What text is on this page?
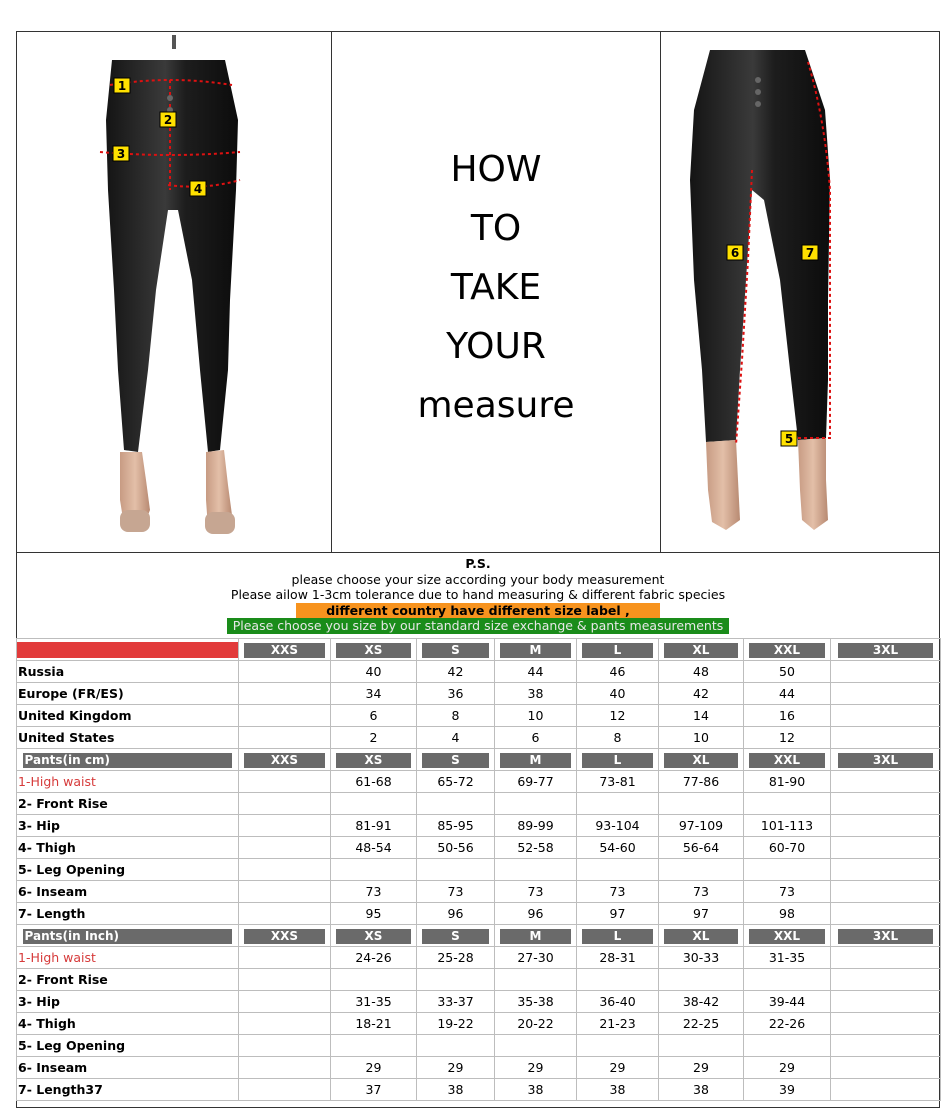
1
2
3
4	HOW
TO
TAKE
YOUR
measure
6	7
5
P.S.
please choose your size according your body measurement
Please ailow 1-3cm tolerance due to hand measuring & different fabric species
different country have different size label ,
Please choose you size by our standard size exchange & pants measurements
	XXS	XS	S	M	L	XL	XXL	3XL
Russia		40	42	44	46	48	50	
Europe (FR/ES)		34	36	38	40	42	44	
United Kingdom		6	8	10	12	14	16	
United States		2	4	6	8	10	12	
Pants(in cm)	XXS	XS	S	M	L	XL	XXL	3XL
1-High waist		61-68	65-72	69-77	73-81	77-86	81-90	
2- Front Rise								
3- Hip		81-91	85-95	89-99	93-104	97-109	101-113	
4- Thigh		48-54	50-56	52-58	54-60	56-64	60-70	
5- Leg Opening								
6- Inseam		73	73	73	73	73	73	
7- Length		95	96	96	97	97	98	
Pants(in Inch)	XXS	XS	S	M	L	XL	XXL	3XL
1-High waist		24-26	25-28	27-30	28-31	30-33	31-35	
2- Front Rise								
3- Hip		31-35	33-37	35-38	36-40	38-42	39-44	
4- Thigh		18-21	19-22	20-22	21-23	22-25	22-26	
5- Leg Opening								
6- Inseam		29	29	29	29	29	29	
7- Length37		37	38	38	38	38	39	
